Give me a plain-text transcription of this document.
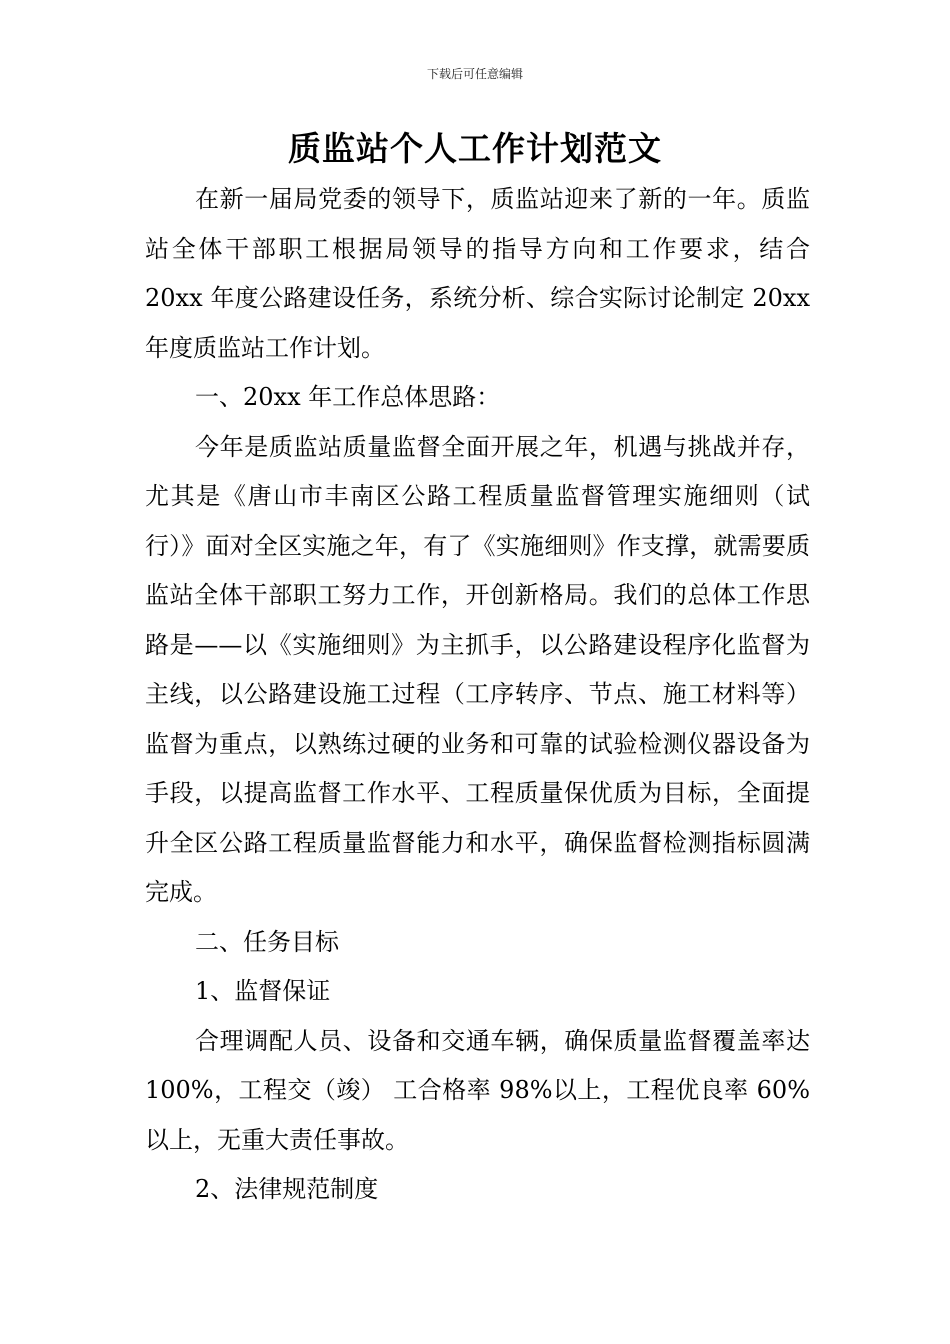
下载后可任意编辑
质监站个人工作计划范文

在新一届局党委的领导下，质监站迎来了新的一年。质监站全体干部职工根据局领导的指导方向和工作要求，结合 20xx 年度公路建设任务，系统分析、综合实际讨论制定 20xx 年度质监站工作计划。

一、20xx 年工作总体思路：

今年是质监站质量监督全面开展之年，机遇与挑战并存，尤其是《唐山市丰南区公路工程质量监督管理实施细则（试行）》面对全区实施之年，有了《实施细则》作支撑，就需要质监站全体干部职工努力工作，开创新格局。我们的总体工作思路是——以《实施细则》为主抓手，以公路建设程序化监督为主线，以公路建设施工过程（工序转序、节点、施工材料等）监督为重点，以熟练过硬的业务和可靠的试验检测仪器设备为手段，以提高监督工作水平、工程质量保优质为目标，全面提升全区公路工程质量监督能力和水平，确保监督检测指标圆满完成。

二、任务目标

1、监督保证

合理调配人员、设备和交通车辆，确保质量监督覆盖率达 100%，工程交（竣） 工合格率 98%以上，工程优良率 60%以上，无重大责任事故。

2、法律规范制度
